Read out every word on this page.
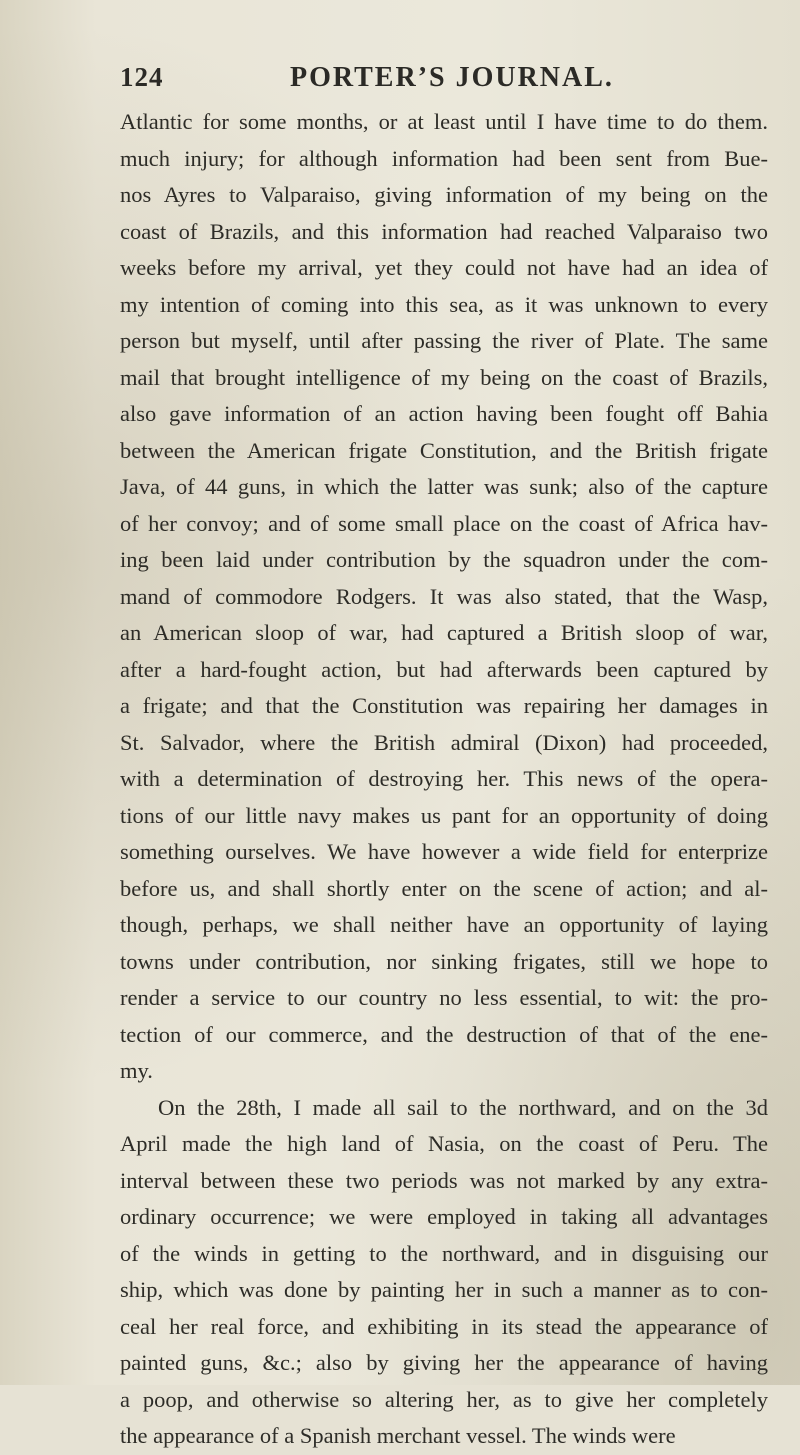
124	PORTER’S JOURNAL.
Atlantic for some months, or at least until I have time to do them.
much injury; for although information had been sent from Bue-
nos Ayres to Valparaiso, giving information of my being on the
coast of Brazils, and this information had reached Valparaiso two
weeks before my arrival, yet they could not have had an idea of
my intention of coming into this sea, as it was unknown to every
person but myself, until after passing the river of Plate. The same
mail that brought intelligence of my being on the coast of Brazils,
also gave information of an action having been fought off Bahia
between the American frigate Constitution, and the British frigate
Java, of 44 guns, in which the latter was sunk; also of the capture
of her convoy; and of some small place on the coast of Africa hav-
ing been laid under contribution by the squadron under the com-
mand of commodore Rodgers. It was also stated, that the Wasp,
an American sloop of war, had captured a British sloop of war,
after a hard-fought action, but had afterwards been captured by
a frigate; and that the Constitution was repairing her damages in
St. Salvador, where the British admiral (Dixon) had proceeded,
with a determination of destroying her. This news of the opera-
tions of our little navy makes us pant for an opportunity of doing
something ourselves. We have however a wide field for enterprize
before us, and shall shortly enter on the scene of action; and al-
though, perhaps, we shall neither have an opportunity of laying
towns under contribution, nor sinking frigates, still we hope to
render a service to our country no less essential, to wit: the pro-
tection of our commerce, and the destruction of that of the ene-
my.
On the 28th, I made all sail to the northward, and on the 3d
April made the high land of Nasia, on the coast of Peru. The
interval between these two periods was not marked by any extra-
ordinary occurrence; we were employed in taking all advantages
of the winds in getting to the northward, and in disguising our
ship, which was done by painting her in such a manner as to con-
ceal her real force, and exhibiting in its stead the appearance of
painted guns, &c.; also by giving her the appearance of having
a poop, and otherwise so altering her, as to give her completely
the appearance of a Spanish merchant vessel. The winds were
